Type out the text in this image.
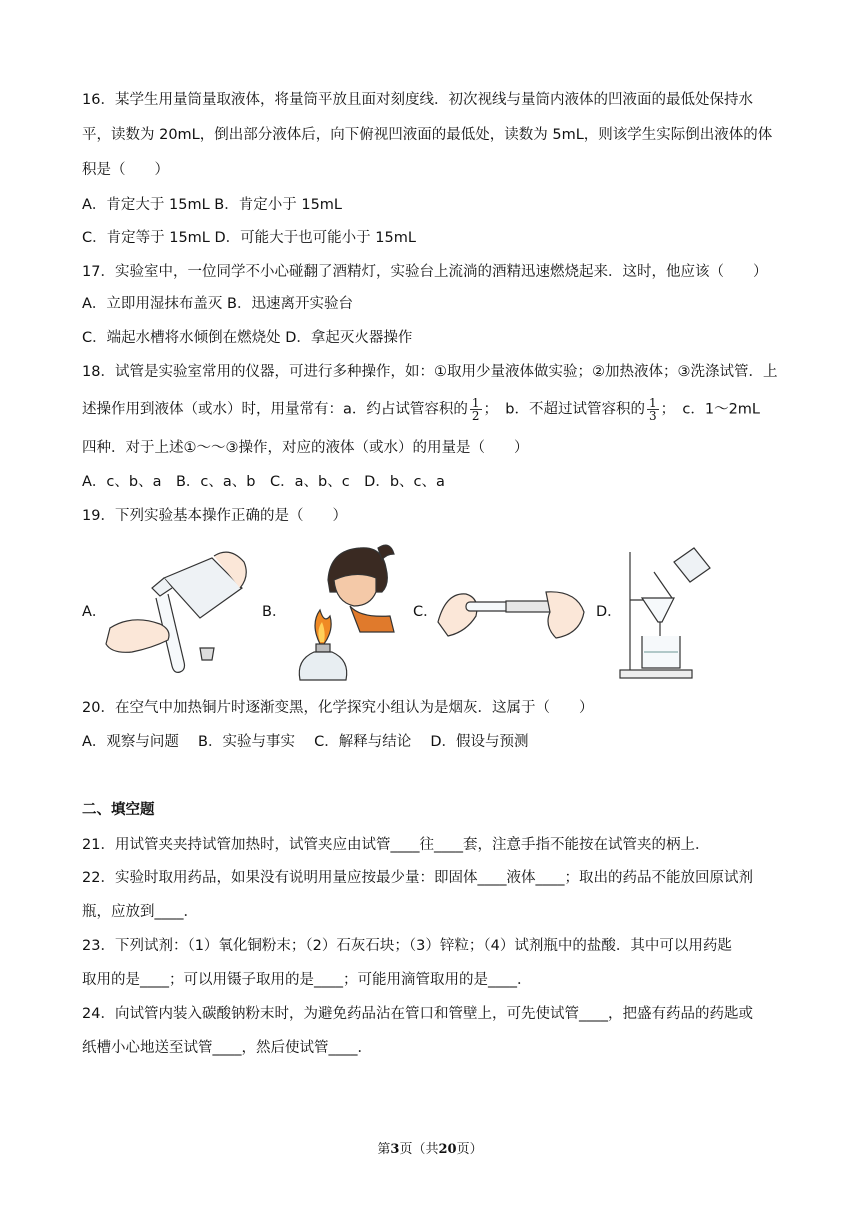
16．某学生用量筒量取液体，将量筒平放且面对刻度线．初次视线与量筒内液体的凹液面的最低处保持水
平，读数为 20mL，倒出部分液体后，向下俯视凹液面的最低处，读数为 5mL，则该学生实际倒出液体的体
积是（　　）
A．肯定大于 15mL B．肯定小于 15mL
C．肯定等于 15mL D．可能大于也可能小于 15mL
17．实验室中，一位同学不小心碰翻了酒精灯，实验台上流淌的酒精迅速燃烧起来．这时，他应该（　　）
A．立即用湿抹布盖灭 B．迅速离开实验台
C．端起水槽将水倾倒在燃烧处 D．拿起灭火器操作
18．试管是实验室常用的仪器，可进行多种操作，如：①取用少量液体做实验；②加热液体；③洗涤试管．上
述操作用到液体（或水）时，用量常有：a．约占试管容积的 $\frac{1}{2}$ ；　b．不超过试管容积的 $\frac{1}{3}$ ；　c．1～2mL
四种．对于上述①～～③操作，对应的液体（或水）的用量是（　　）
A．c、b、a　B．c、a、b　C．a、b、c　D．b、c、a
19．下列实验基本操作正确的是（　　）
A．	B．	C．	D．
20．在空气中加热铜片时逐渐变黑，化学探究小组认为是烟灰．这属于（　　）
A．观察与问题　 B．实验与事实　 C．解释与结论　 D．假设与预测
二、填空题
21．用试管夹夹持试管加热时，试管夹应由试管____往____套，注意手指不能按在试管夹的柄上．
22．实验时取用药品，如果没有说明用量应按最少量：即固体____液体____；取出的药品不能放回原试剂
瓶，应放到____．
23．下列试剂：（1）氧化铜粉末；（2）石灰石块；（3）锌粒；（4）试剂瓶中的盐酸．其中可以用药匙
取用的是____；可以用镊子取用的是____；可能用滴管取用的是____．
24．向试管内装入碳酸钠粉末时，为避免药品沾在管口和管壁上，可先使试管____，把盛有药品的药匙或
纸槽小心地送至试管____，然后使试管____．
第3页（共20页）
